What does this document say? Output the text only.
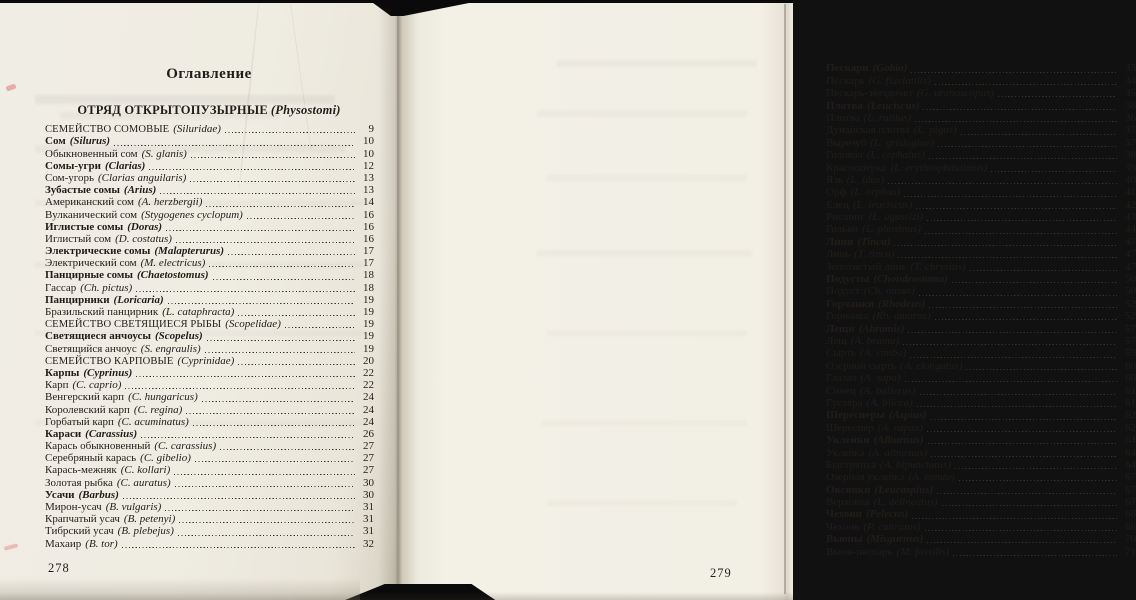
Оглавление
ОТРЯД ОТКРЫТОПУЗЫРНЫЕ (Physostomi)
СЕМЕЙСТВО СОМОВЫЕ (Siluridae)	9
Сом (Silurus)	10
Обыкновенный сом (S. glanis)	10
Сомы-угри (Clarias)	12
Сом-угорь (Clarias anguilaris)	13
Зубастые сомы (Arius)	13
Американский сом (A. herzbergii)	14
Вулканический сом (Stygogenes cyclopum)	16
Иглистые сомы (Doras)	16
Иглистый сом (D. costatus)	16
Электрические сомы (Malapterurus)	17
Электрический сом (M. electricus)	17
Панцирные сомы (Chaetostomus)	18
Гассар (Ch. pictus)	18
Панцирники (Loricaria)	19
Бразильский панцирник (L. cataphracta)	19
СЕМЕЙСТВО СВЕТЯЩИЕСЯ РЫБЫ (Scopelidae)	19
Светящиеся анчоусы (Scopelus)	19
Светящийся анчоус (S. engraulis)	19
СЕМЕЙСТВО КАРПОВЫЕ (Cyprinidae)	20
Карпы (Cyprinus)	22
Карп (C. caprio)	22
Венгерский карп (C. hungaricus)	24
Королевский карп (C. regina)	24
Горбатый карп (C. acuminatus)	24
Караси (Carassius)	26
Карась обыкновенный (C. carassius)	27
Серебряный карась (C. gibelio)	27
Карась-межняк (C. kollari)	27
Золотая рыбка (C. auratus)	30
Усачи (Barbus)	30
Мирон-усач (B. vulgaris)	31
Крапчатый усач (B. petenyi)	31
Тибрский усач (B. plebejus)	31
Махаир (B. tor)	32
278
Пескари (Gobio)	33
Пескарь (G. fluviatilis)	34
Пескарь-звездочет (G. uranoscopus)	35
Плотва (Leuciscus)	36
Плотва (L. rutilus)	36
Дунайская плотва (L. pigus)	37
Вырезуб (L. grislagine)	37
Головач (L. cephalus)	38
Красноперка (L. erythrophthalmus)	39
Язь (L. idus)	40
Орф (L. orphus)	41
Елец (L. leuciscus)	42
Рислинг (L. agassizi)	43
Гольян (L. phoxinus)	44
Лини (Tinca)	47
Линь (T. tinca)	47
Золотистый линь (T. chrysitis)	47
Подусты (Chondrostoma)	50
Подуст (Ch. nasus)	50
Горчанки (Rhodeus)	52
Горчанка (Rh. amarus)	52
Лещи (Abramis)	57
Лещ (A. brama)	57
Сырть (A. vimba)	59
Озерной сырть (A. elongatus)	60
Глазач (A. sapa)	60
Синец (A. ballerus)	61
Густера (A. blicca)	61
Шересперы (Aspius)	62
Шереспер (A. rapax)	62
Уклейки (Alburnus)	64
Уклейка (A. alburnus)	64
Быстрянка (A. bipunctatus)	64
Озерная уклейка (A. mento)	67
Овсянки (Leucaspius)	67
Верховка (L. delineatus)	67
Чехони (Pelecus)	68
Чехонь (P. cultratus)	68
Вьюны (Misgurnus)	70
Вьюн-пескарь (M. fossilis)	71
279
